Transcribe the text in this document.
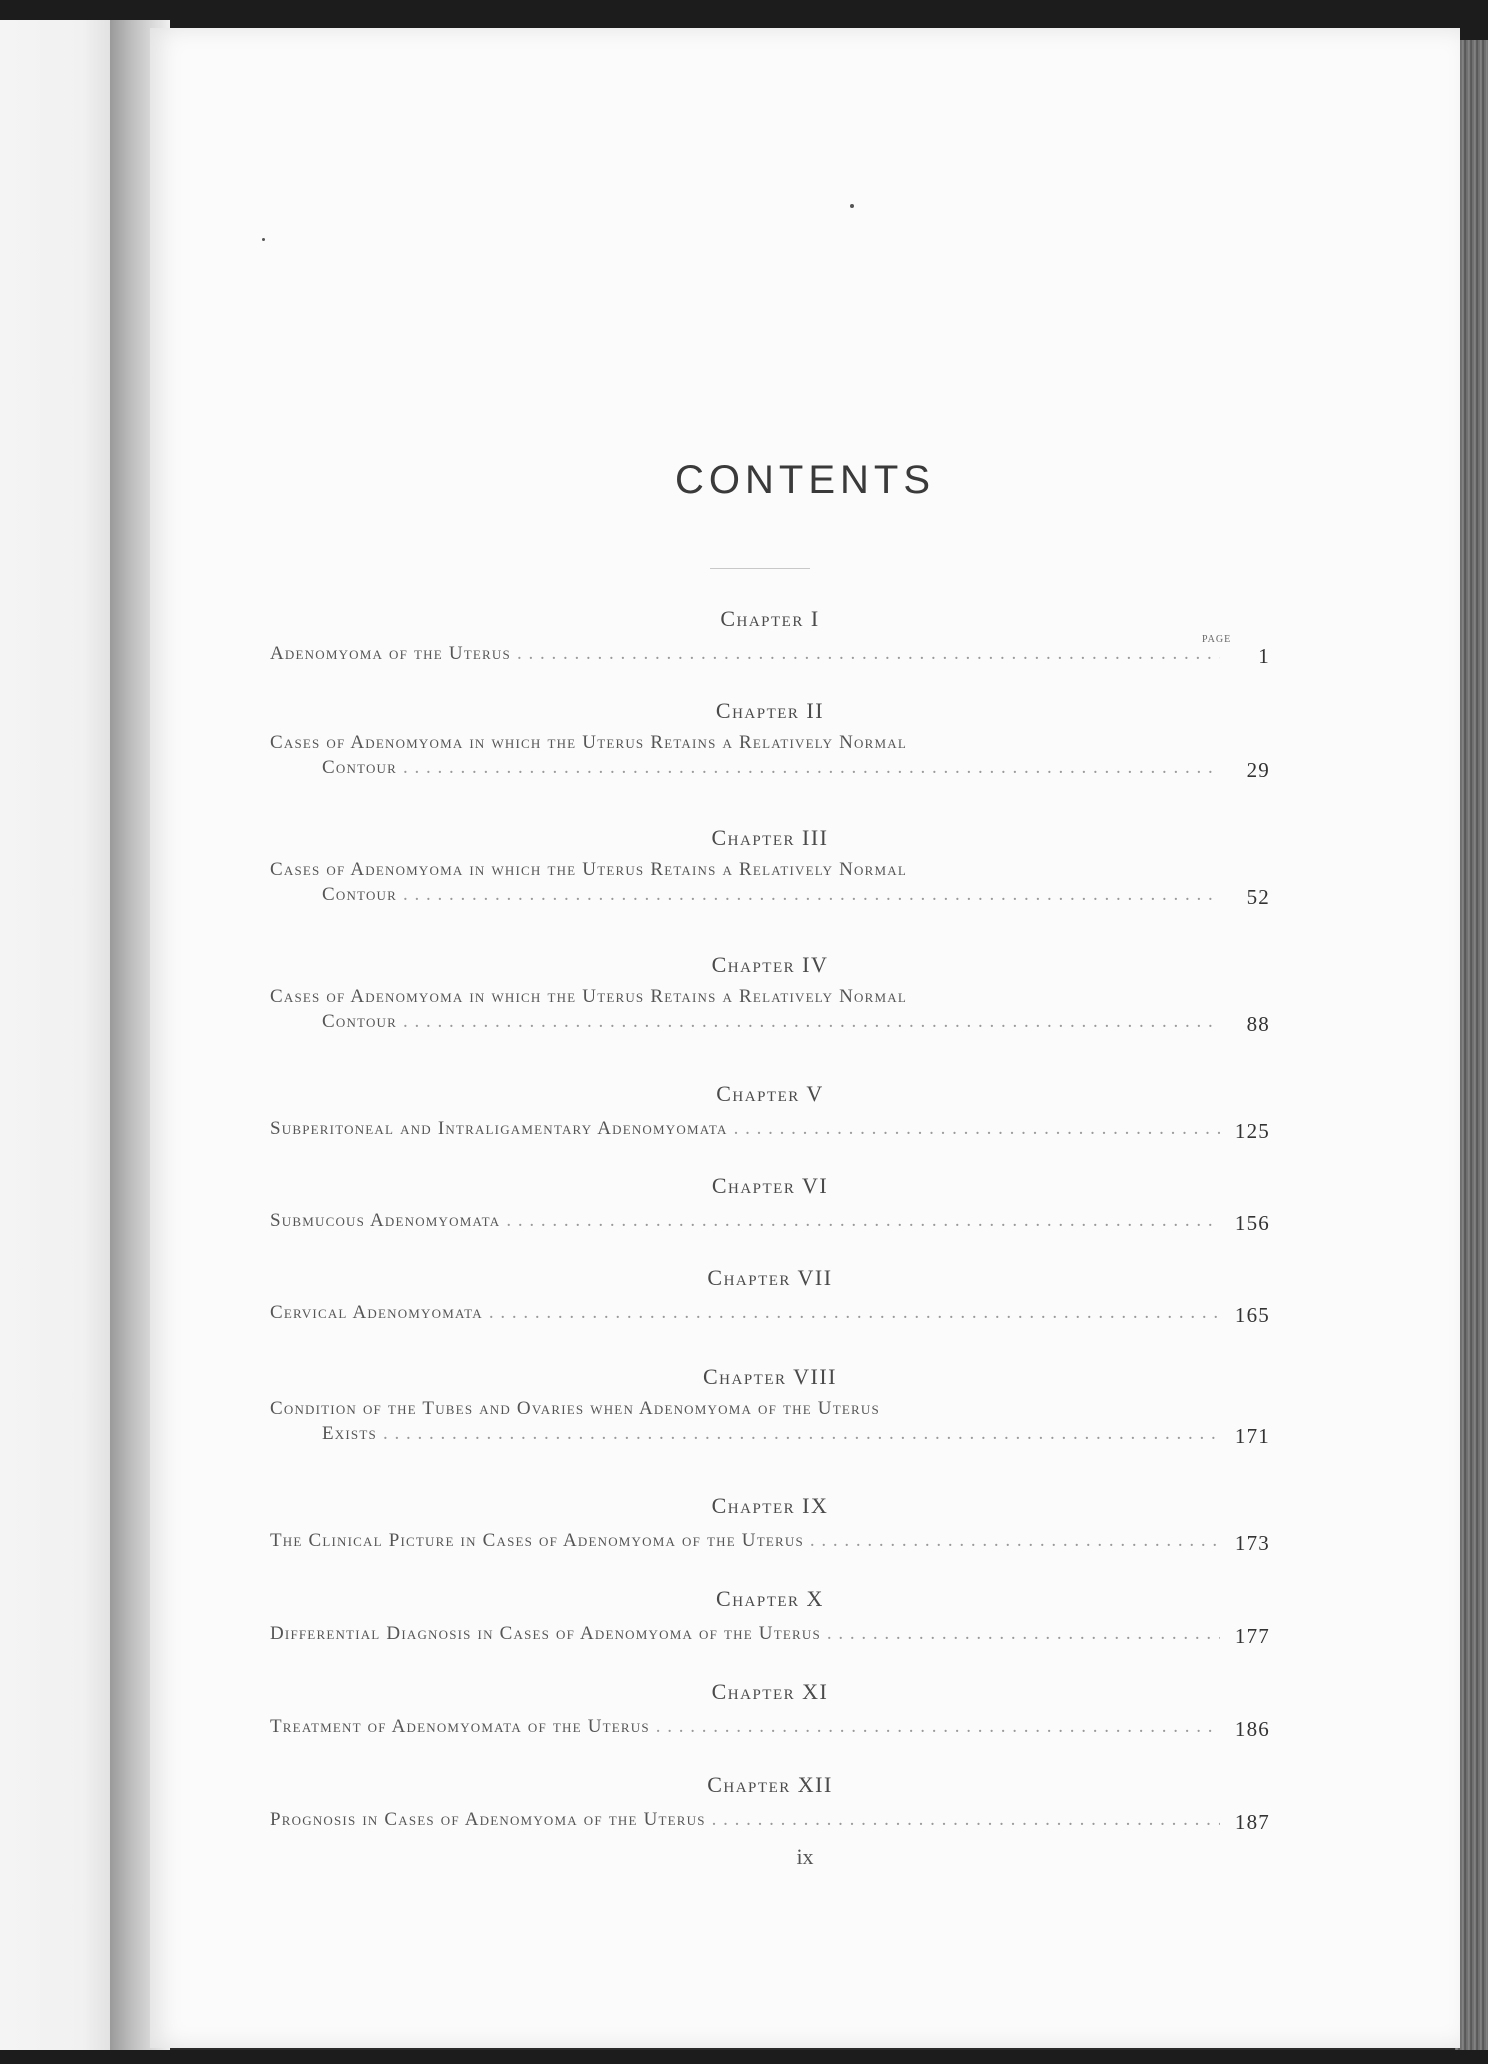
CONTENTS
PAGE
Chapter I
Adenomyoma of the Uterus . . .	1
Chapter II
Cases of Adenomyoma in which the Uterus Retains a Relatively Normal
Contour . . .	29
Chapter III
Cases of Adenomyoma in which the Uterus Retains a Relatively Normal
Contour . . .	52
Chapter IV
Cases of Adenomyoma in which the Uterus Retains a Relatively Normal
Contour . . .	88
Chapter V
Subperitoneal and Intraligamentary Adenomyomata . . .	125
Chapter VI
Submucous Adenomyomata . . .	156
Chapter VII
Cervical Adenomyomata . . .	165
Chapter VIII
Condition of the Tubes and Ovaries when Adenomyoma of the Uterus
Exists . . .	171
Chapter IX
The Clinical Picture in Cases of Adenomyoma of the Uterus . . .	173
Chapter X
Differential Diagnosis in Cases of Adenomyoma of the Uterus . . .	177
Chapter XI
Treatment of Adenomyomata of the Uterus . . .	186
Chapter XII
Prognosis in Cases of Adenomyoma of the Uterus . . .	187
ix
